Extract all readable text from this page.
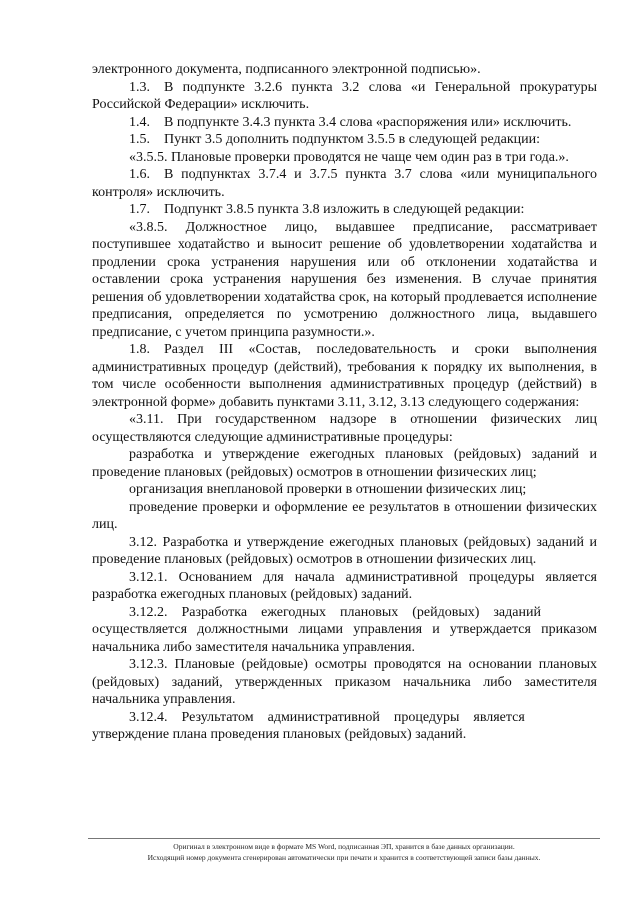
электронного документа, подписанного электронной подписью».

1.3. В подпункте 3.2.6 пункта 3.2 слова «и Генеральной прокуратуры Российской Федерации» исключить.

1.4. В подпункте 3.4.3 пункта 3.4 слова «распоряжения или» исключить.

1.5. Пункт 3.5 дополнить подпунктом 3.5.5 в следующей редакции:

«3.5.5. Плановые проверки проводятся не чаще чем один раз в три года.».

1.6. В подпунктах 3.7.4 и 3.7.5 пункта 3.7 слова «или муниципального контроля» исключить.

1.7. Подпункт 3.8.5 пункта 3.8 изложить в следующей редакции:

«3.8.5. Должностное лицо, выдавшее предписание, рассматривает поступившее ходатайство и выносит решение об удовлетворении ходатайства и продлении срока устранения нарушения или об отклонении ходатайства и оставлении срока устранения нарушения без изменения. В случае принятия решения об удовлетворении ходатайства срок, на который продлевается исполнение предписания, определяется по усмотрению должностного лица, выдавшего предписание, с учетом принципа разумности.».

1.8. Раздел III «Состав, последовательность и сроки выполнения административных процедур (действий), требования к порядку их выполнения, в том числе особенности выполнения административных процедур (действий) в электронной форме» добавить пунктами 3.11, 3.12, 3.13 следующего содержания:

«3.11. При государственном надзоре в отношении физических лиц осуществляются следующие административные процедуры:

разработка и утверждение ежегодных плановых (рейдовых) заданий и проведение плановых (рейдовых) осмотров в отношении физических лиц;

организация внеплановой проверки в отношении физических лиц;

проведение проверки и оформление ее результатов в отношении физических лиц.

3.12. Разработка и утверждение ежегодных плановых (рейдовых) заданий и проведение плановых (рейдовых) осмотров в отношении физических лиц.

3.12.1. Основанием для начала административной процедуры является разработка ежегодных плановых (рейдовых) заданий.

3.12.2. Разработка ежегодных плановых (рейдовых) заданий осуществляется должностными лицами управления и утверждается приказом начальника либо заместителя начальника управления.

3.12.3. Плановые (рейдовые) осмотры проводятся на основании плановых (рейдовых) заданий, утвержденных приказом начальника либо заместителя начальника управления.

3.12.4. Результатом административной процедуры является утверждение плана проведения плановых (рейдовых) заданий.

Оригинал в электронном виде в формате MS Word, подписанная ЭП, хранится в базе данных организации.
Исходящий номер документа сгенерирован автоматически при печати и хранится в соответствующей записи базы данных.
